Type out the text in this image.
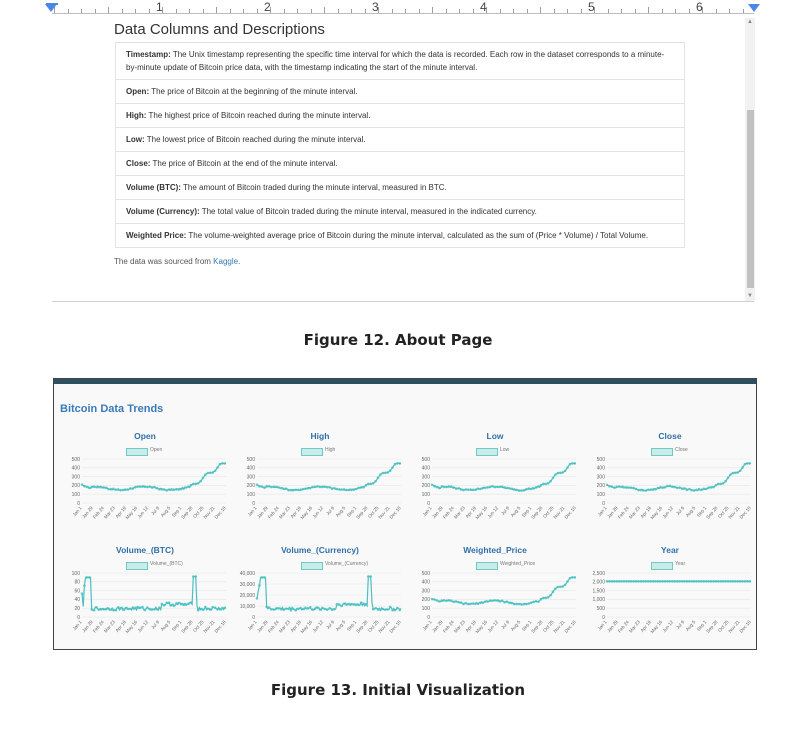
1	2	3	4	5	6
Data Columns and Descriptions
Timestamp: The Unix timestamp representing the specific time interval for which the data is recorded. Each row in the dataset corresponds to a minute-by-minute update of Bitcoin price data, with the timestamp indicating the start of the minute interval.
Open: The price of Bitcoin at the beginning of the minute interval.
High: The highest price of Bitcoin reached during the minute interval.
Low: The lowest price of Bitcoin reached during the minute interval.
Close: The price of Bitcoin at the end of the minute interval.
Volume (BTC): The amount of Bitcoin traded during the minute interval, measured in BTC.
Volume (Currency): The total value of Bitcoin traded during the minute interval, measured in the indicated currency.
Weighted Price: The volume-weighted average price of Bitcoin during the minute interval, calculated as the sum of (Price * Volume) / Total Volume.
The data was sourced from Kaggle.
▲
▼
Figure 12. About Page
Bitcoin Data Trends
Open
Open
500
400
300
200
100
0
Jan 1
Jan 29
Feb 24
Mar 23
Apr 19
May 16
Jun 12 Jul 9 Aug 5 Sep 1
Sep 28
Oct 25
Nov 21
Dec 18
High
High
500
400
300
200
100
0
Jan 1
Jan 29
Feb 24
Mar 23
Apr 19
May 16
Jun 12 Jul 9 Aug 5 Sep 1
Sep 28
Oct 25
Nov 21
Dec 18
Low
Low
500
400
300
200
100
0
Jan 1
Jan 29
Feb 24
Mar 23
Apr 19
May 16
Jun 12 Jul 9 Aug 5 Sep 1
Sep 28
Oct 25
Nov 21
Dec 18
Close
Close
500
400
300
200
100
0
Jan 1
Jan 29
Feb 24
Mar 23
Apr 19
May 16
Jun 12 Jul 9 Aug 5 Sep 1
Sep 28
Oct 25
Nov 21
Dec 18
Volume_(BTC)
Volume_(BTC)
100
80
60
40
20
0
Jan 1
Jan 29
Feb 24
Mar 23
Apr 19
May 16
Jun 12 Jul 9 Aug 5 Sep 1
Sep 28
Oct 25
Nov 21
Dec 18
Volume_(Currency)
Volume_(Currency)
40,000
30,000
20,000
10,000
0
Jan 1
Jan 29
Feb 24
Mar 23
Apr 19
May 16
Jun 12 Jul 9 Aug 5 Sep 1
Sep 28
Oct 25
Nov 21
Dec 18
Weighted_Price
Weighted_Price
500
400
300
200
100
0
Jan 1
Jan 29
Feb 24
Mar 23
Apr 19
May 16
Jun 12 Jul 9 Aug 5 Sep 1
Sep 28
Oct 25
Nov 21
Dec 18
Year
Year
2,500
2,000
1,500
1,000
500
0
Jan 1
Jan 29
Feb 24
Mar 23
Apr 19
May 16
Jun 12 Jul 9 Aug 5 Sep 1
Sep 28
Oct 25
Nov 21
Dec 18
Figure 13. Initial Visualization
